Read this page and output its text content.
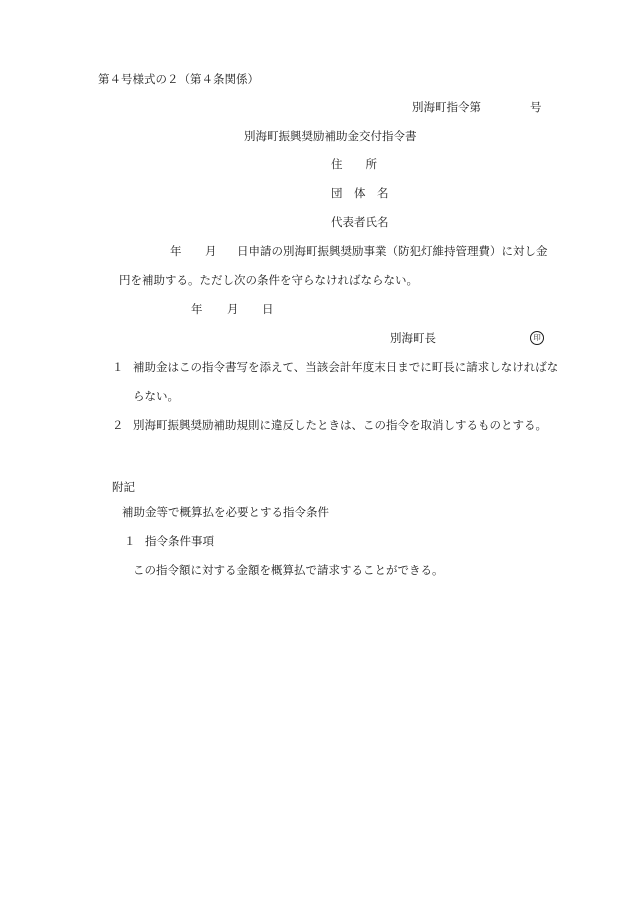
第４号様式の２（第４条関係）
別海町指令第	号
別海町振興奨励補助金交付指令書
住　　所
団　体　名
代表者氏名
年 月 日申請の別海町振興奨励事業（防犯灯維持管理費）に対し金
円を補助する。ただし次の条件を守らなければならない。
年 月 日
別海町長	印
１ 補助金はこの指令書写を添えて、当該会計年度末日までに町長に請求しなければな
らない。
２ 別海町振興奨励補助規則に違反したときは、この指令を取消しするものとする。
附記
補助金等で概算払を必要とする指令条件
１ 指令条件事項
この指令額に対する金額を概算払で請求することができる。
